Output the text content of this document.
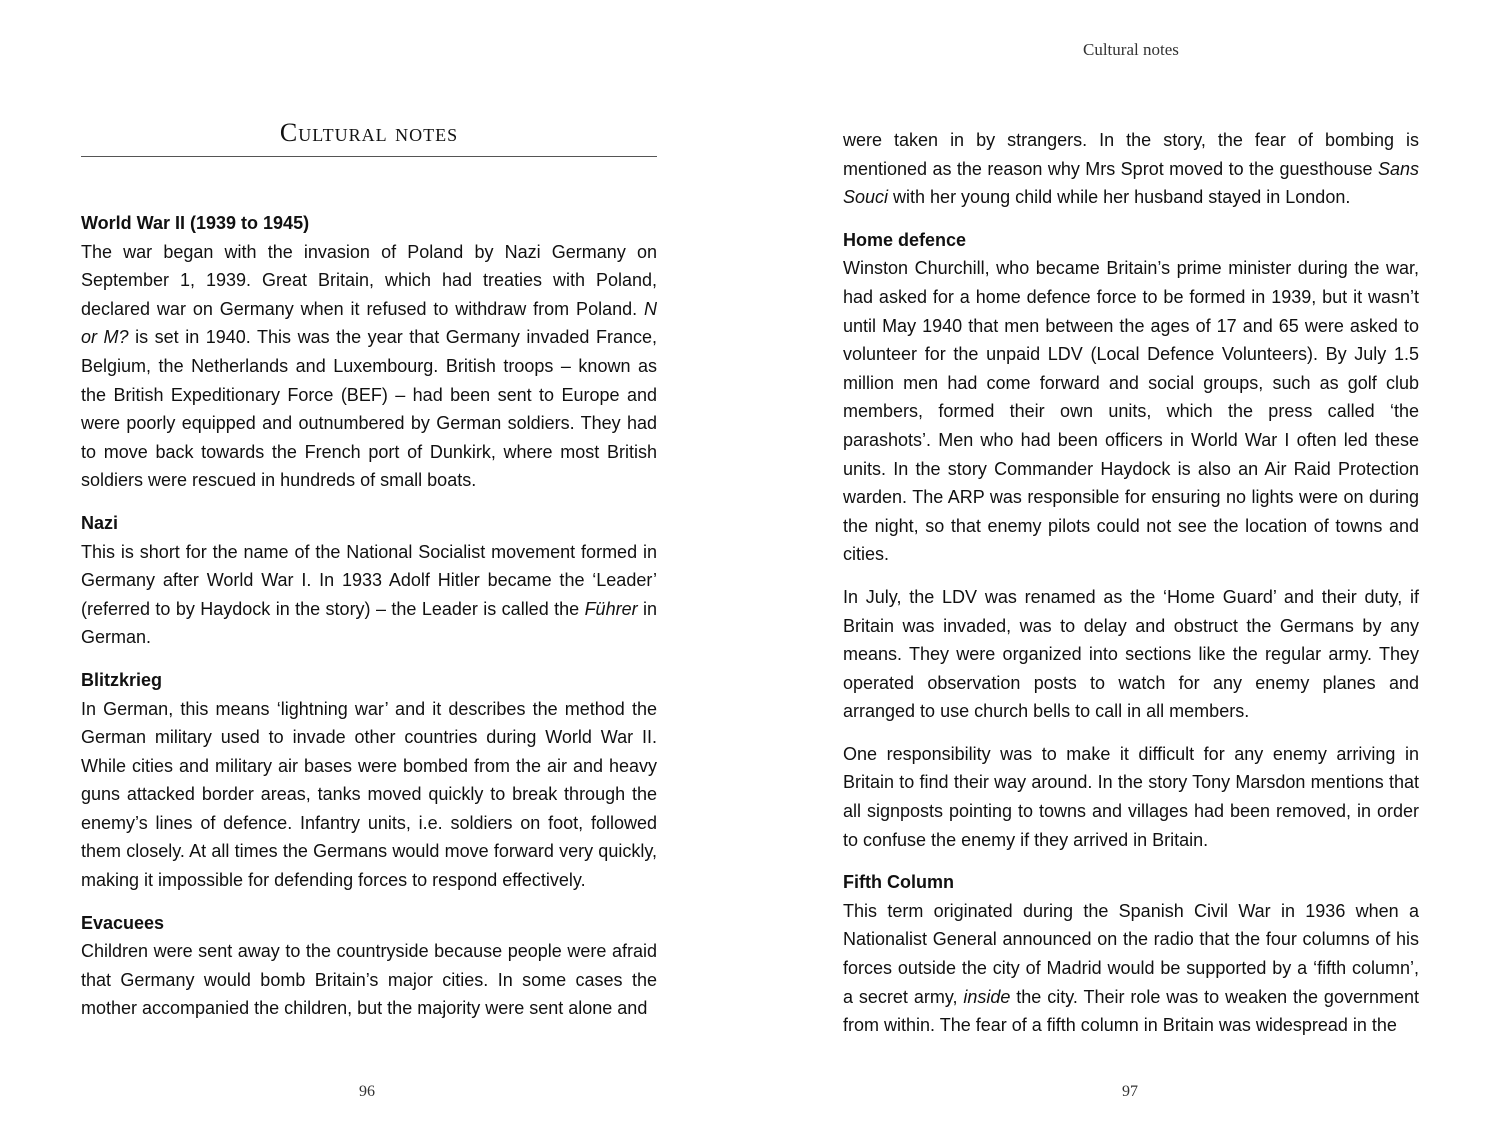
Cultural notes

World War II (1939 to 1945)

The war began with the invasion of Poland by Nazi Germany on September 1, 1939. Great Britain, which had treaties with Poland, declared war on Germany when it refused to withdraw from Poland. N or M? is set in 1940. This was the year that Germany invaded France, Belgium, the Netherlands and Luxembourg. British troops – known as the British Expeditionary Force (BEF) – had been sent to Europe and were poorly equipped and outnumbered by German soldiers. They had to move back towards the French port of Dunkirk, where most British soldiers were rescued in hundreds of small boats.

Nazi

This is short for the name of the National Socialist movement formed in Germany after World War I. In 1933 Adolf Hitler became the ‘Leader’ (referred to by Haydock in the story) – the Leader is called the Führer in German.

Blitzkrieg

In German, this means ‘lightning war’ and it describes the method the German military used to invade other countries during World War II. While cities and military air bases were bombed from the air and heavy guns attacked border areas, tanks moved quickly to break through the enemy’s lines of defence. Infantry units, i.e. soldiers on foot, followed them closely. At all times the Germans would move forward very quickly, making it impossible for defending forces to respond effectively.

Evacuees

Children were sent away to the countryside because people were afraid that Germany would bomb Britain’s major cities. In some cases the mother accompanied the children, but the majority were sent alone and

96
Cultural notes

were taken in by strangers. In the story, the fear of bombing is mentioned as the reason why Mrs Sprot moved to the guesthouse Sans Souci with her young child while her husband stayed in London.

Home defence

Winston Churchill, who became Britain’s prime minister during the war, had asked for a home defence force to be formed in 1939, but it wasn’t until May 1940 that men between the ages of 17 and 65 were asked to volunteer for the unpaid LDV (Local Defence Volunteers). By July 1.5 million men had come forward and social groups, such as golf club members, formed their own units, which the press called ‘the parashots’. Men who had been officers in World War I often led these units. In the story Commander Haydock is also an Air Raid Protection warden. The ARP was responsible for ensuring no lights were on during the night, so that enemy pilots could not see the location of towns and cities.

In July, the LDV was renamed as the ‘Home Guard’ and their duty, if Britain was invaded, was to delay and obstruct the Germans by any means. They were organized into sections like the regular army. They operated observation posts to watch for any enemy planes and arranged to use church bells to call in all members.

One responsibility was to make it difficult for any enemy arriving in Britain to find their way around. In the story Tony Marsdon mentions that all signposts pointing to towns and villages had been removed, in order to confuse the enemy if they arrived in Britain.

Fifth Column

This term originated during the Spanish Civil War in 1936 when a Nationalist General announced on the radio that the four columns of his forces outside the city of Madrid would be supported by a ‘fifth column’, a secret army, inside the city. Their role was to weaken the government from within. The fear of a fifth column in Britain was widespread in the

97
